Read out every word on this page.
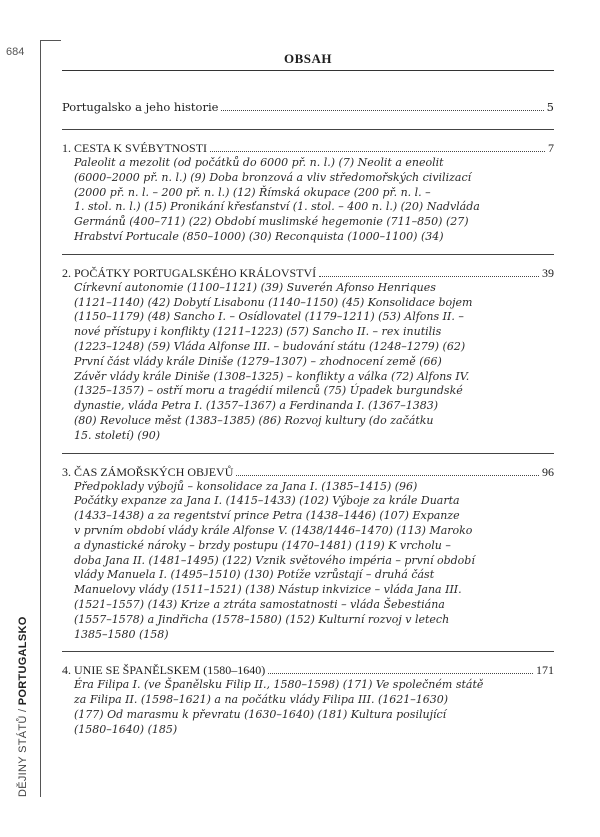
684
DĚJINY STÁTŮ / PORTUGALSKO
OBSAH
Portugalsko a jeho historie	5
1. CESTA K SVÉBYTNOSTI	7
Paleolit a mezolit (od počátků do 6000 př. n. l.) (7) Neolit a eneolit
(6000–2000 př. n. l.) (9) Doba bronzová a vliv středomořských civilizací
(2000 př. n. l. – 200 př. n. l.) (12) Římská okupace (200 př. n. l. –
1. stol. n. l.) (15) Pronikání křesťanství (1. stol. – 400 n. l.) (20) Nadvláda
Germánů (400–711) (22) Období muslimské hegemonie (711–850) (27)
Hrabství Portucale (850–1000) (30) Reconquista (1000–1100) (34)
2. POČÁTKY PORTUGALSKÉHO KRÁLOVSTVÍ	39
Církevní autonomie (1100–1121) (39) Suverén Afonso Henriques
(1121–1140) (42) Dobytí Lisabonu (1140–1150) (45) Konsolidace bojem
(1150–1179) (48) Sancho I. – Osídlovatel (1179–1211) (53) Alfons II. –
nové přístupy i konflikty (1211–1223) (57) Sancho II. – rex inutilis
(1223–1248) (59) Vláda Alfonse III. – budování státu (1248–1279) (62)
První část vlády krále Diniše (1279–1307) – zhodnocení země (66)
Závěr vlády krále Diniše (1308–1325) – konflikty a válka (72) Alfons IV.
(1325–1357) – ostří moru a tragédií milenců (75) Úpadek burgundské
dynastie, vláda Petra I. (1357–1367) a Ferdinanda I. (1367–1383)
(80) Revoluce měst (1383–1385) (86) Rozvoj kultury (do začátku
15. století) (90)
3. ČAS ZÁMOŘSKÝCH OBJEVŮ	96
Předpoklady výbojů – konsolidace za Jana I. (1385–1415) (96)
Počátky expanze za Jana I. (1415–1433) (102) Výboje za krále Duarta
(1433–1438) a za regentství prince Petra (1438–1446) (107) Expanze
v prvním období vlády krále Alfonse V. (1438/1446–1470) (113) Maroko
a dynastické nároky – brzdy postupu (1470–1481) (119) K vrcholu –
doba Jana II. (1481–1495) (122) Vznik světového impéria – první období
vlády Manuela I. (1495–1510) (130) Potíže vzrůstají – druhá část
Manuelovy vlády (1511–1521) (138) Nástup inkvizice – vláda Jana III.
(1521–1557) (143) Krize a ztráta samostatnosti – vláda Šebestiána
(1557–1578) a Jindřicha (1578–1580) (152) Kulturní rozvoj v letech
1385–1580 (158)
4. UNIE SE ŠPANĚLSKEM (1580–1640)	171
Éra Filipa I. (ve Španělsku Filip II., 1580–1598) (171) Ve společném státě
za Filipa II. (1598–1621) a na počátku vlády Filipa III. (1621–1630)
(177) Od marasmu k převratu (1630–1640) (181) Kultura posilující
(1580–1640) (185)
